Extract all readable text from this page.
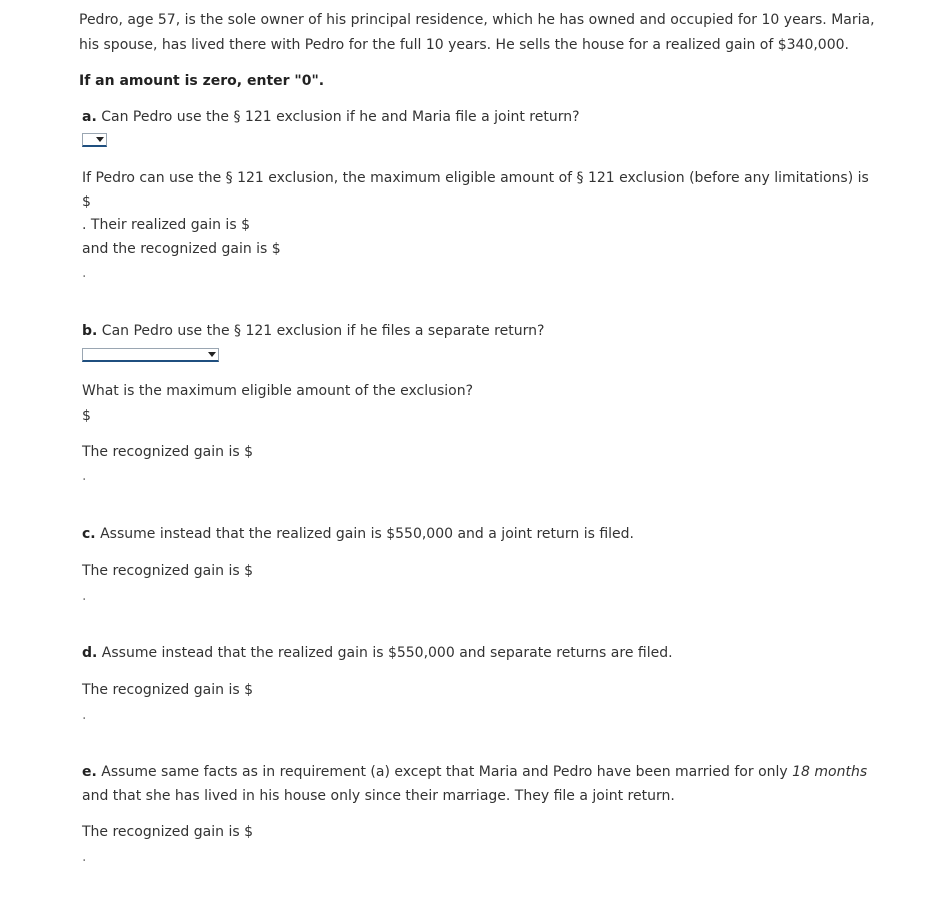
Pedro, age 57, is the sole owner of his principal residence, which he has owned and occupied for 10 years. Maria,
his spouse, has lived there with Pedro for the full 10 years. He sells the house for a realized gain of $340,000.
If an amount is zero, enter "0".
a. Can Pedro use the § 121 exclusion if he and Maria file a joint return?
If Pedro can use the § 121 exclusion, the maximum eligible amount of § 121 exclusion (before any limitations) is
$
. Their realized gain is $
and the recognized gain is $
.
b. Can Pedro use the § 121 exclusion if he files a separate return?
What is the maximum eligible amount of the exclusion?
$
The recognized gain is $
.
c. Assume instead that the realized gain is $550,000 and a joint return is filed.
The recognized gain is $
.
d. Assume instead that the realized gain is $550,000 and separate returns are filed.
The recognized gain is $
.
e. Assume same facts as in requirement (a) except that Maria and Pedro have been married for only 18 months
and that she has lived in his house only since their marriage. They file a joint return.
The recognized gain is $
.
